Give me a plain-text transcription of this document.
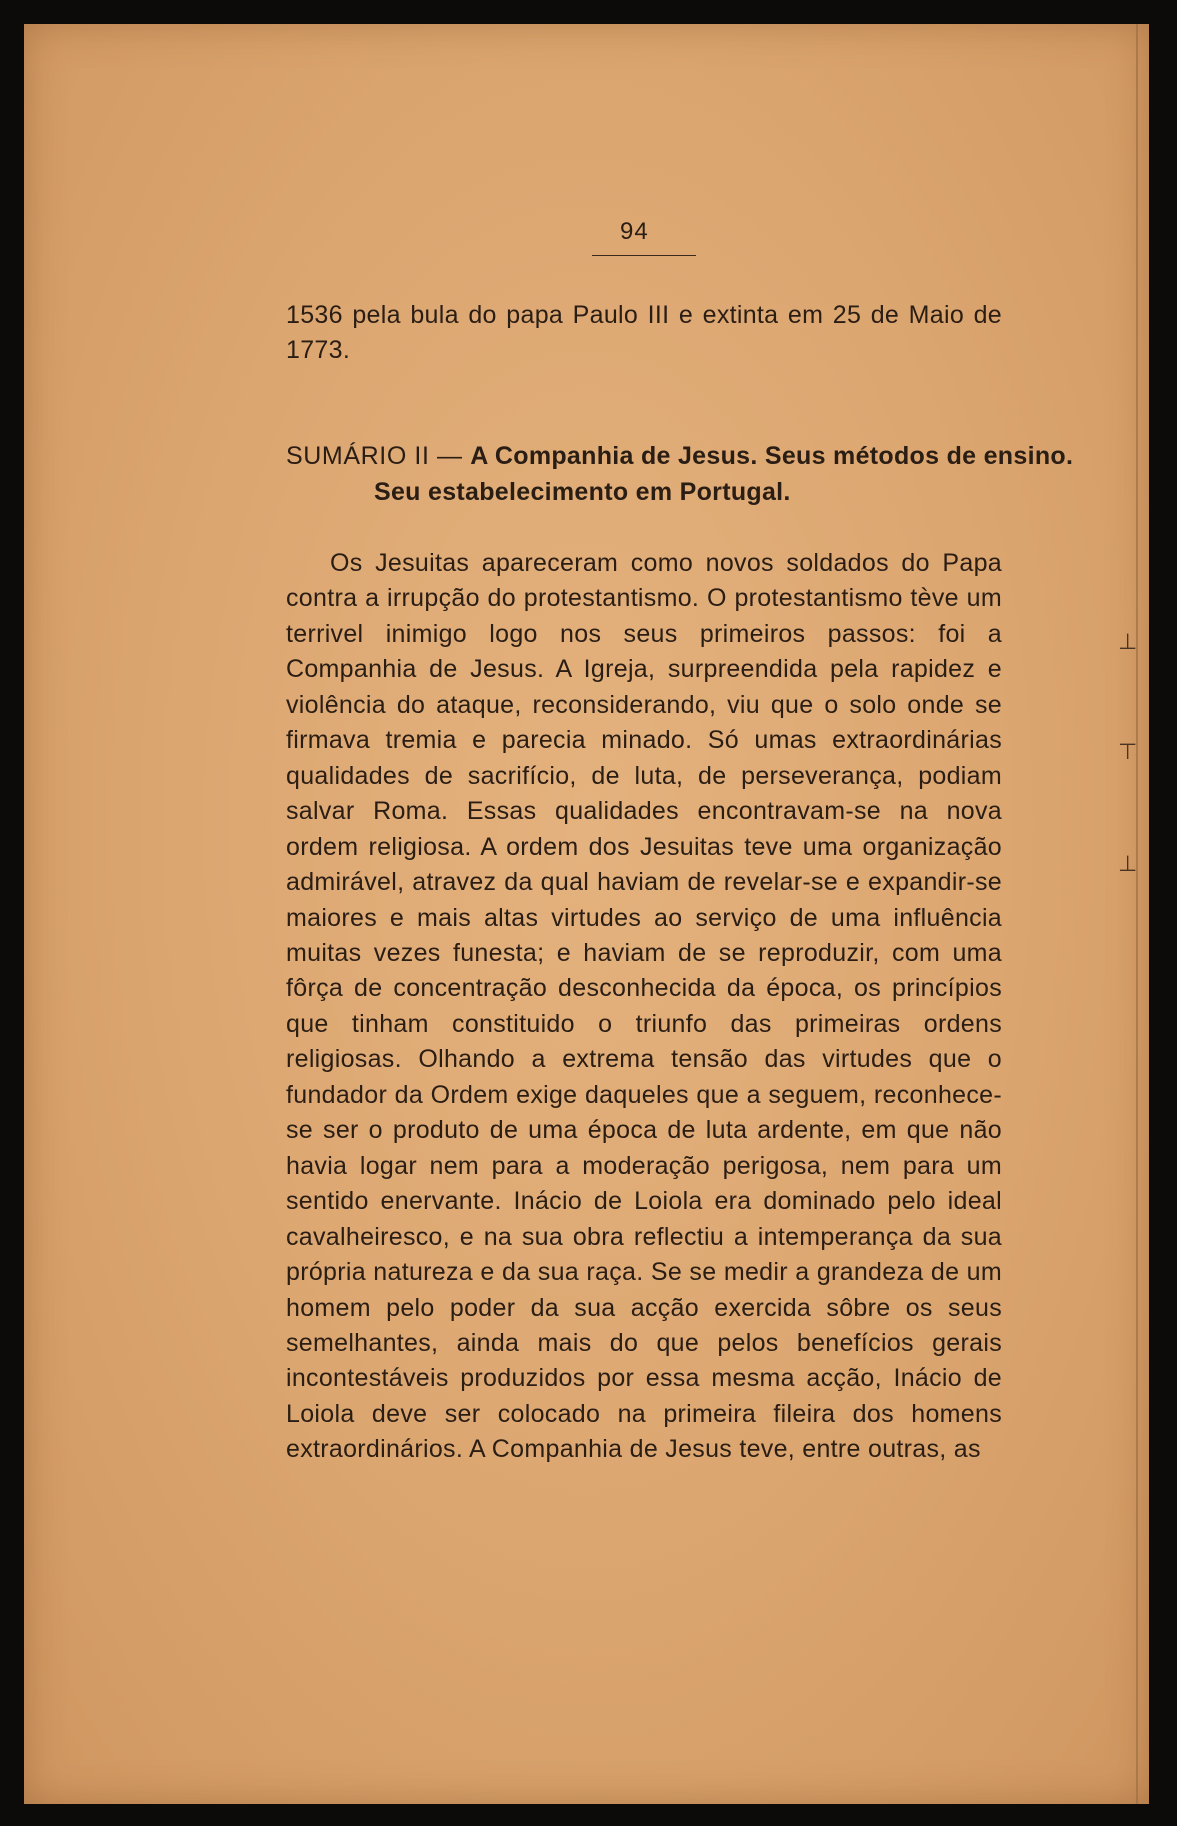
94
1536 pela bula do papa Paulo III e extinta em 25 de Maio de 1773.
SUMÁRIO II — A Companhia de Jesus. Seus métodos de ensino. Seu estabelecimento em Portugal.
Os Jesuitas apareceram como novos soldados do Papa contra a irrupção do protestantismo. O protestantismo tève um terrivel inimigo logo nos seus primeiros passos: foi a Companhia de Jesus. A Igreja, surpreendida pela rapidez e violência do ataque, reconsiderando, viu que o solo onde se firmava tremia e parecia minado. Só umas extraordinárias qualidades de sacrifício, de luta, de perseverança, podiam salvar Roma. Essas qualidades encontravam-se na nova ordem religiosa. A ordem dos Jesuitas teve uma organização admirável, atravez da qual haviam de revelar-se e expandir-se maiores e mais altas virtudes ao serviço de uma influência muitas vezes funesta; e haviam de se reproduzir, com uma fôrça de concentração desconhecida da época, os princípios que tinham constituido o triunfo das primeiras ordens religiosas. Olhando a extrema tensão das virtudes que o fundador da Ordem exige daqueles que a seguem, reconhece-se ser o produto de uma época de luta ardente, em que não havia logar nem para a moderação perigosa, nem para um sentido enervante. Inácio de Loiola era dominado pelo ideal cavalheiresco, e na sua obra reflectiu a intemperança da sua própria natureza e da sua raça. Se se medir a grandeza de um homem pelo poder da sua acção exercida sôbre os seus semelhantes, ainda mais do que pelos benefícios gerais incontestáveis produzidos por essa mesma acção, Inácio de Loiola deve ser colocado na primeira fileira dos homens extraordinários. A Companhia de Jesus teve, entre outras, as
⊥
⊤
⊥
